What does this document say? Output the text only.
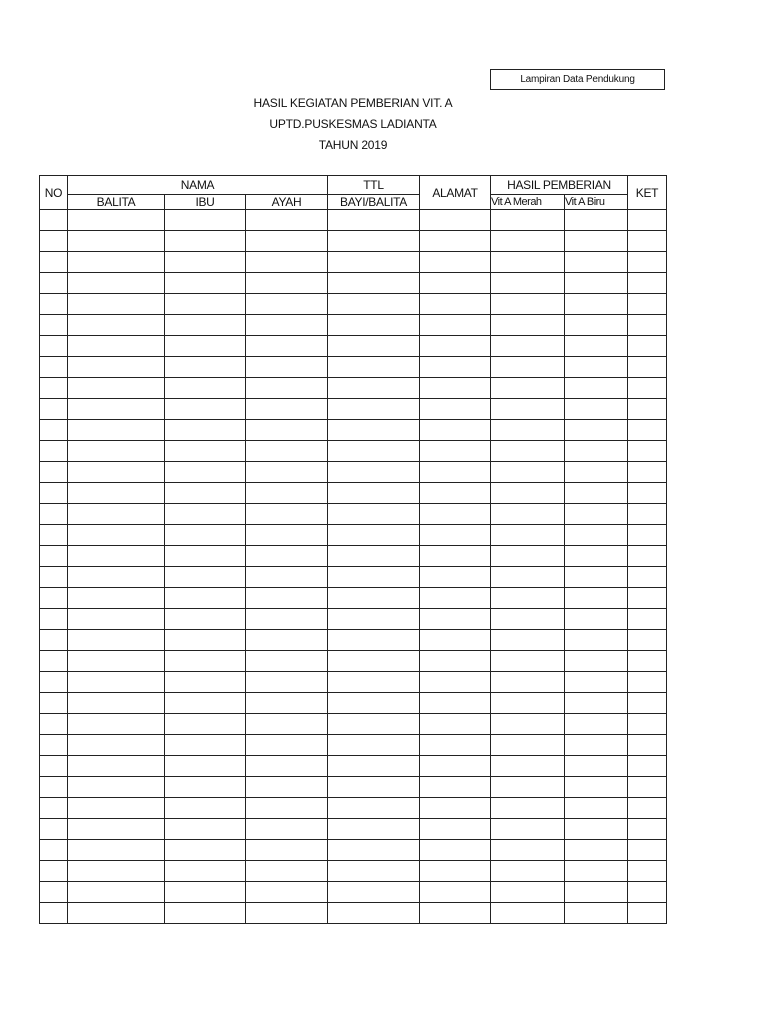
Lampiran Data Pendukung
HASIL KEGIATAN PEMBERIAN VIT. A
UPTD.PUSKESMAS LADIANTA
TAHUN 2019
NO	NAMA			TTL	ALAMAT	HASIL PEMBERIAN		KET
	BALITA	IBU	AYAH	BAYI/BALITA		Vit A Merah	Vit A Biru	
